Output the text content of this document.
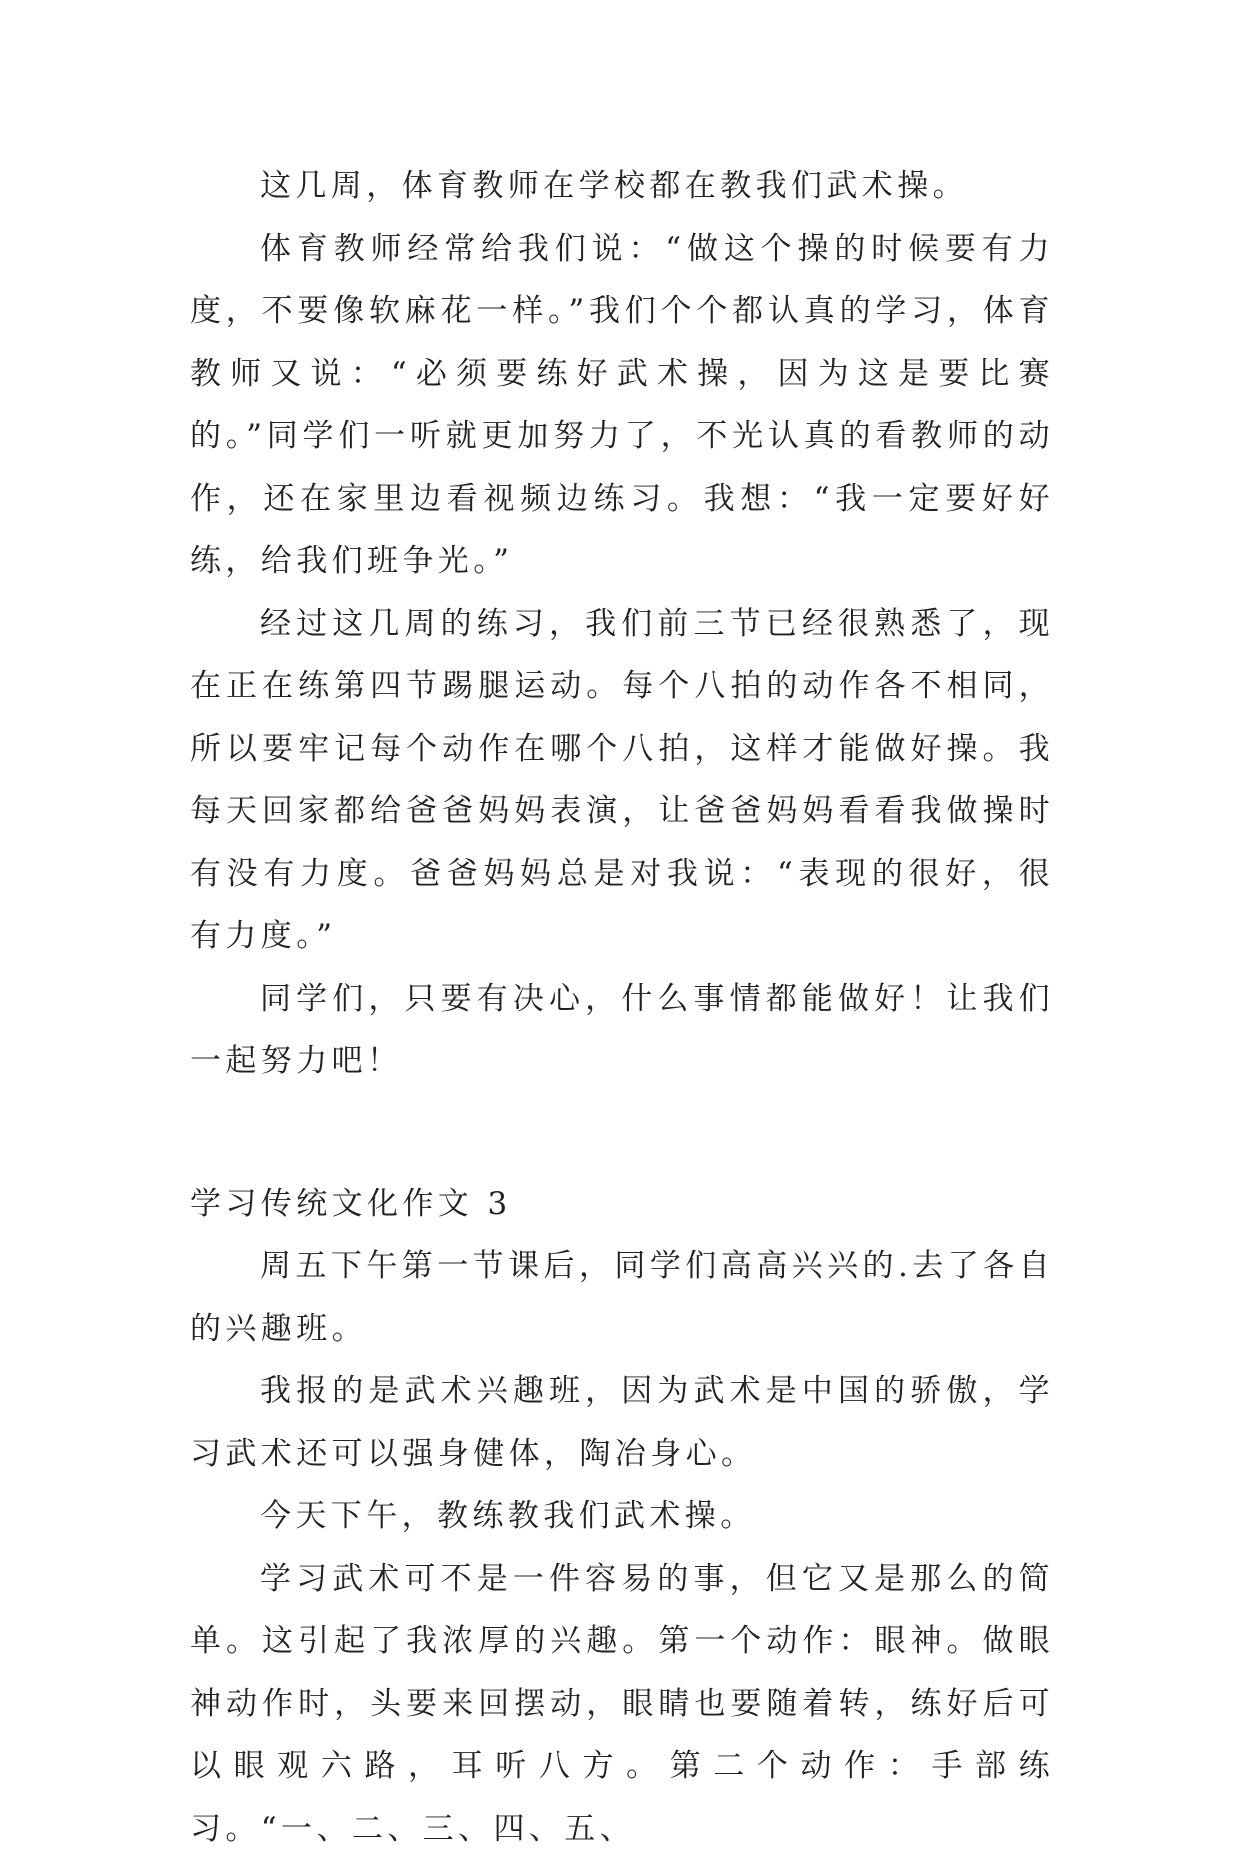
这几周，体育教师在学校都在教我们武术操。

体育教师经常给我们说：“做这个操的时候要有力度，不要像软麻花一样。”我们个个都认真的学习，体育教师又说：“必须要练好武术操，因为这是要比赛的。”同学们一听就更加努力了，不光认真的看教师的动作，还在家里边看视频边练习。我想：“我一定要好好练，给我们班争光。”

经过这几周的练习，我们前三节已经很熟悉了，现在正在练第四节踢腿运动。每个八拍的动作各不相同，所以要牢记每个动作在哪个八拍，这样才能做好操。我每天回家都给爸爸妈妈表演，让爸爸妈妈看看我做操时有没有力度。爸爸妈妈总是对我说：“表现的很好，很有力度。”

同学们，只要有决心，什么事情都能做好！让我们一起努力吧！

学习传统文化作文 3

周五下午第一节课后，同学们高高兴兴的.去了各自的兴趣班。

我报的是武术兴趣班，因为武术是中国的骄傲，学习武术还可以强身健体，陶冶身心。

今天下午，教练教我们武术操。

学习武术可不是一件容易的事，但它又是那么的简单。这引起了我浓厚的兴趣。第一个动作：眼神。做眼神动作时，头要来回摆动，眼睛也要随着转，练好后可以眼观六路，耳听八方。第二个动作：手部练习。“一、二、三、四、五、
